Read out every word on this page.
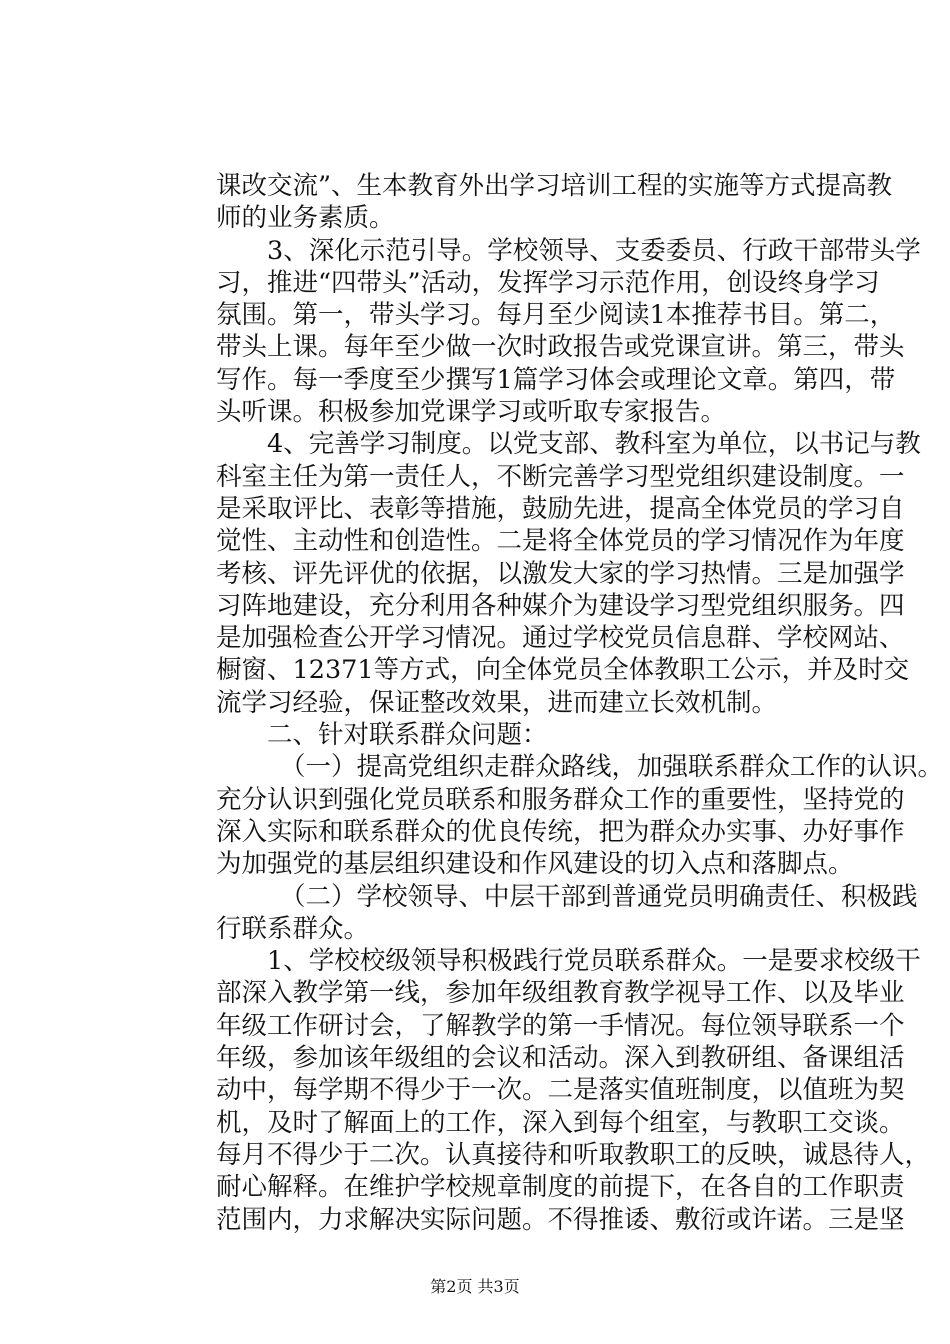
课改交流”、生本教育外出学习培训工程的实施等方式提高教
师的业务素质。
3、深化示范引导。学校领导、支委委员、行政干部带头学
习，推进“四带头”活动，发挥学习示范作用，创设终身学习
氛围。第一，带头学习。每月至少阅读1本推荐书目。第二，
带头上课。每年至少做一次时政报告或党课宣讲。第三，带头
写作。每一季度至少撰写1篇学习体会或理论文章。第四，带
头听课。积极参加党课学习或听取专家报告。
4、完善学习制度。以党支部、教科室为单位，以书记与教
科室主任为第一责任人，不断完善学习型党组织建设制度。一
是采取评比、表彰等措施，鼓励先进，提高全体党员的学习自
觉性、主动性和创造性。二是将全体党员的学习情况作为年度
考核、评先评优的依据，以激发大家的学习热情。三是加强学
习阵地建设，充分利用各种媒介为建设学习型党组织服务。四
是加强检查公开学习情况。通过学校党员信息群、学校网站、
橱窗、12371等方式，向全体党员全体教职工公示，并及时交
流学习经验，保证整改效果，进而建立长效机制。
二、针对联系群众问题：
（一）提高党组织走群众路线，加强联系群众工作的认识。
充分认识到强化党员联系和服务群众工作的重要性，坚持党的
深入实际和联系群众的优良传统，把为群众办实事、办好事作
为加强党的基层组织建设和作风建设的切入点和落脚点。
（二）学校领导、中层干部到普通党员明确责任、积极践
行联系群众。
1、学校校级领导积极践行党员联系群众。一是要求校级干
部深入教学第一线，参加年级组教育教学视导工作、以及毕业
年级工作研讨会，了解教学的第一手情况。每位领导联系一个
年级，参加该年级组的会议和活动。深入到教研组、备课组活
动中，每学期不得少于一次。二是落实值班制度，以值班为契
机，及时了解面上的工作，深入到每个组室，与教职工交谈。
每月不得少于二次。认真接待和听取教职工的反映，诚恳待人，
耐心解释。在维护学校规章制度的前提下，在各自的工作职责
范围内，力求解决实际问题。不得推诿、敷衍或许诺。三是坚
第2页 共3页
